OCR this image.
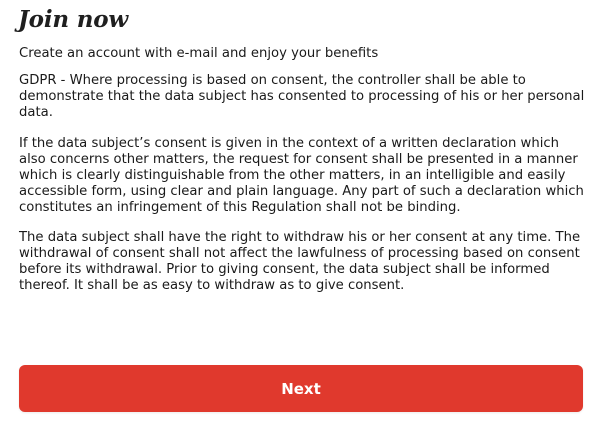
Join now

Create an account with e-mail and enjoy your benefits

GDPR - Where processing is based on consent, the controller shall be able to demonstrate that the data subject has consented to processing of his or her personal data.

If the data subject’s consent is given in the context of a written declaration which also concerns other matters, the request for consent shall be presented in a manner which is clearly distinguishable from the other matters, in an intelligible and easily accessible form, using clear and plain language. Any part of such a declaration which constitutes an infringement of this Regulation shall not be binding.

The data subject shall have the right to withdraw his or her consent at any time. The withdrawal of consent shall not affect the lawfulness of processing based on consent before its withdrawal. Prior to giving consent, the data subject shall be informed thereof. It shall be as easy to withdraw as to give consent.

Next
